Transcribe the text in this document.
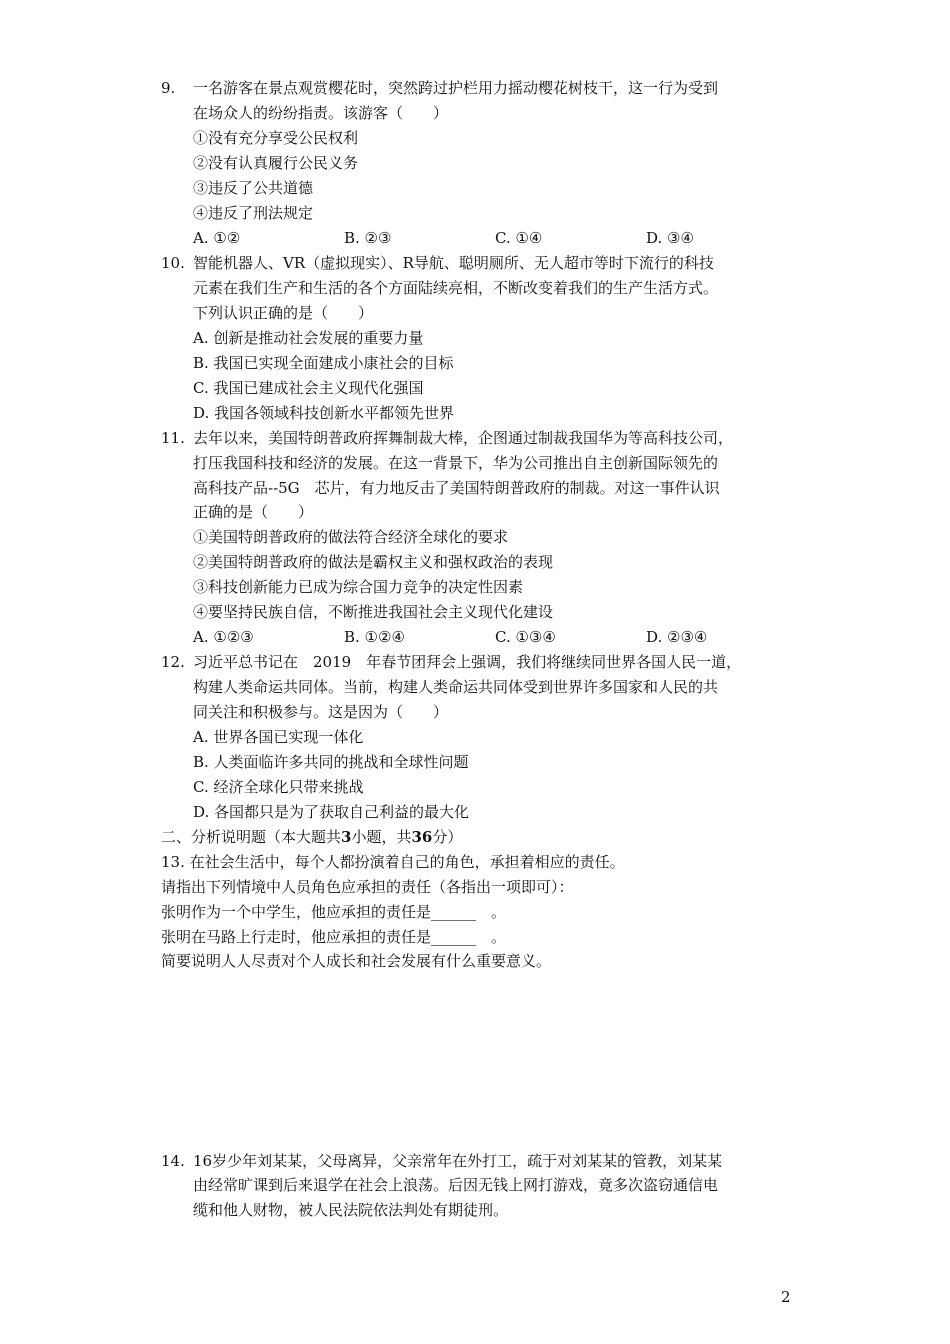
9. 一名游客在景点观赏樱花时，突然跨过护栏用力摇动樱花树枝干，这一行为受到
在场众人的纷纷指责。该游客（　　）
①没有充分享受公民权利
②没有认真履行公民义务
③违反了公共道德
④违反了刑法规定
A. ①②	B. ②③	C. ①④	D. ③④
10. 智能机器人、VR（虚拟现实）、R导航、聪明厕所、无人超市等时下流行的科技
元素在我们生产和生活的各个方面陆续亮相，不断改变着我们的生产生活方式。
下列认识正确的是（　　）
A. 创新是推动社会发展的重要力量
B. 我国已实现全面建成小康社会的目标
C. 我国已建成社会主义现代化强国
D. 我国各领域科技创新水平都领先世界
11. 去年以来，美国特朗普政府挥舞制裁大棒，企图通过制裁我国华为等高科技公司，
打压我国科技和经济的发展。在这一背景下，华为公司推出自主创新国际领先的
高科技产品--5G　芯片，有力地反击了美国特朗普政府的制裁。对这一事件认识
正确的是（　　）
①美国特朗普政府的做法符合经济全球化的要求
②美国特朗普政府的做法是霸权主义和强权政治的表现
③科技创新能力已成为综合国力竞争的决定性因素
④要坚持民族自信，不断推进我国社会主义现代化建设
A. ①②③	B. ①②④	C. ①③④	D. ②③④
12. 习近平总书记在　2019　年春节团拜会上强调，我们将继续同世界各国人民一道，
构建人类命运共同体。当前，构建人类命运共同体受到世界许多国家和人民的共
同关注和积极参与。这是因为（　　）
A. 世界各国已实现一体化
B. 人类面临许多共同的挑战和全球性问题
C. 经济全球化只带来挑战
D. 各国都只是为了获取自己利益的最大化
二、分析说明题（本大题共3小题，共36分）
13. 在社会生活中，每个人都扮演着自己的角色，承担着相应的责任。
请指出下列情境中人员角色应承担的责任（各指出一项即可）：
张明作为一个中学生，他应承担的责任是______　。
张明在马路上行走时，他应承担的责任是______　。
简要说明人人尽责对个人成长和社会发展有什么重要意义。
14. 16岁少年刘某某，父母离异，父亲常年在外打工，疏于对刘某某的管教，刘某某
由经常旷课到后来退学在社会上浪荡。后因无钱上网打游戏，竟多次盗窃通信电
缆和他人财物，被人民法院依法判处有期徒刑。
2
